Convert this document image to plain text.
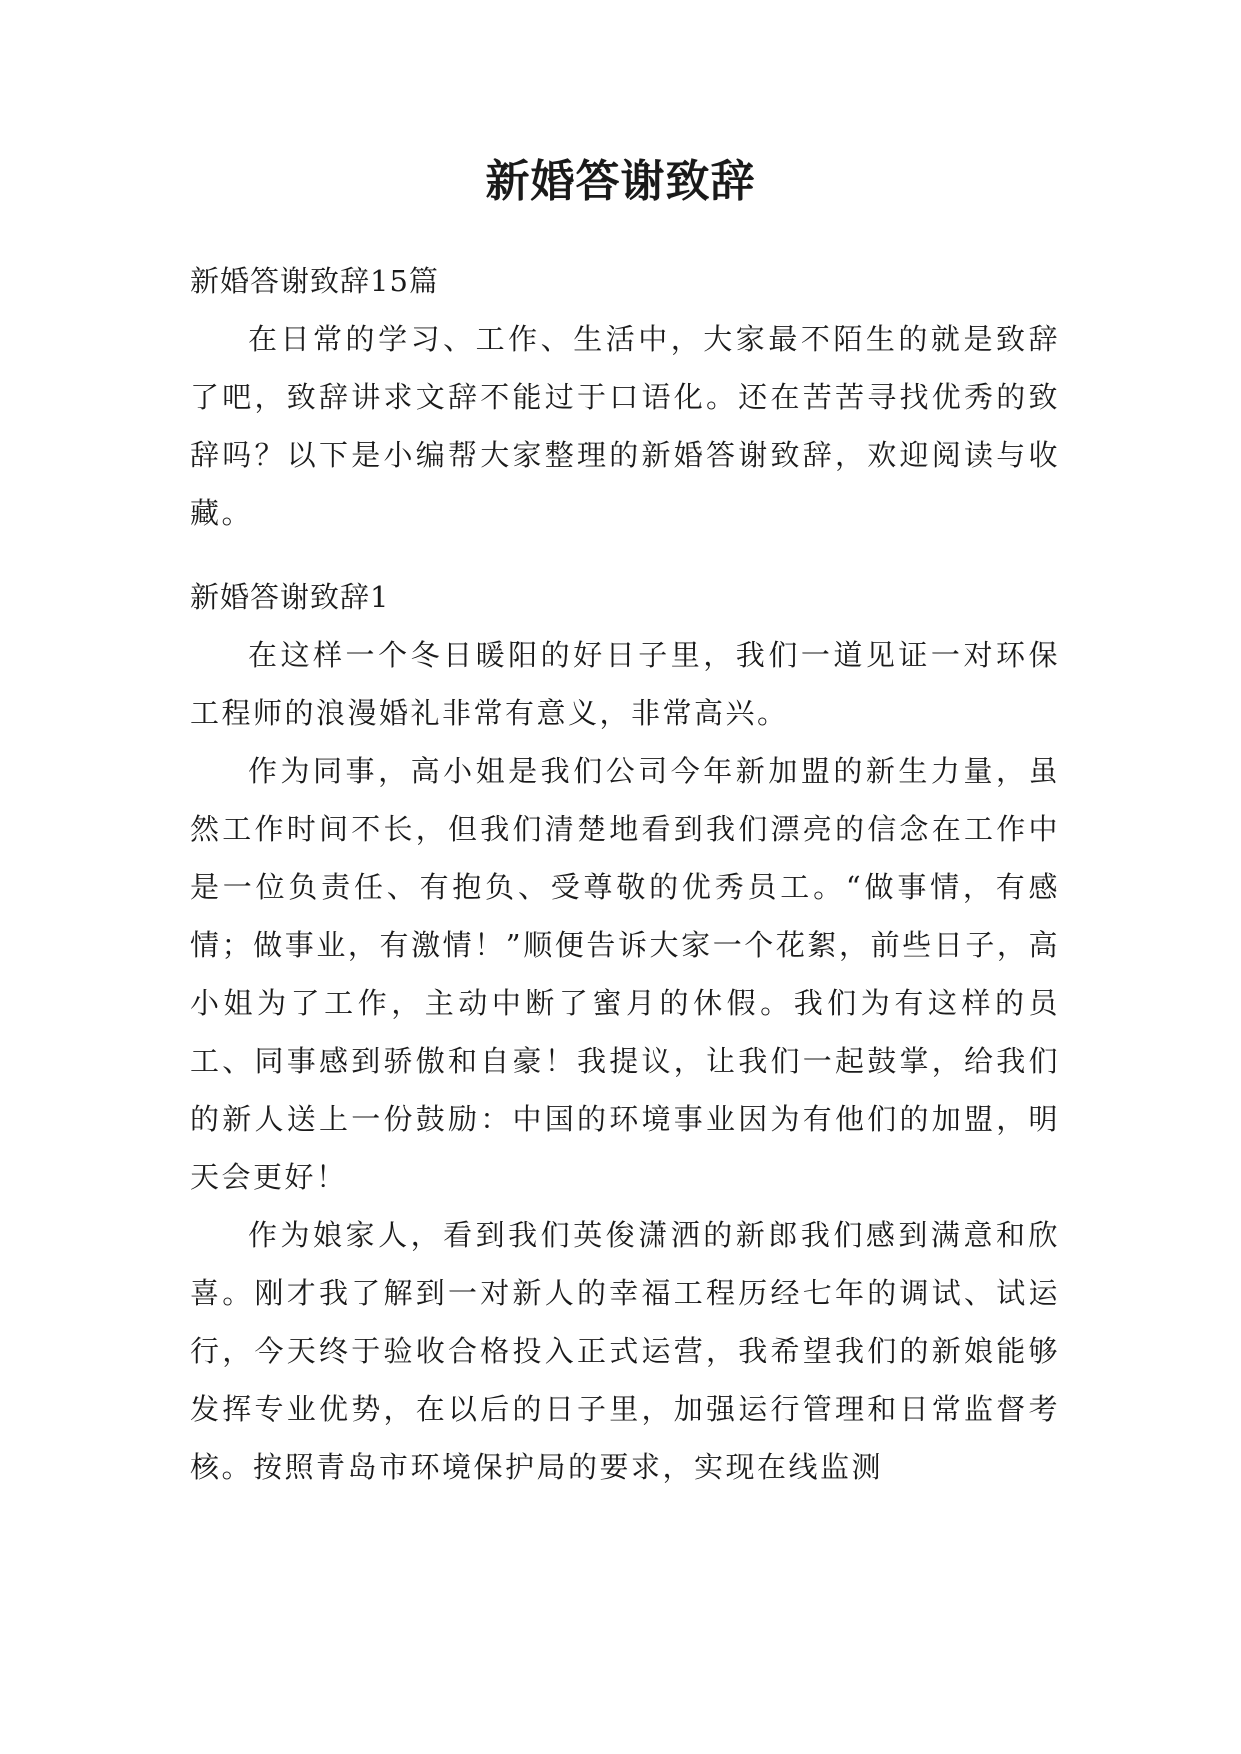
新婚答谢致辞

新婚答谢致辞15篇

在日常的学习、工作、生活中，大家最不陌生的就是致辞了吧，致辞讲求文辞不能过于口语化。还在苦苦寻找优秀的致辞吗？以下是小编帮大家整理的新婚答谢致辞，欢迎阅读与收藏。

新婚答谢致辞1

在这样一个冬日暖阳的好日子里，我们一道见证一对环保工程师的浪漫婚礼非常有意义，非常高兴。

作为同事，高小姐是我们公司今年新加盟的新生力量，虽然工作时间不长，但我们清楚地看到我们漂亮的信念在工作中是一位负责任、有抱负、受尊敬的优秀员工。“做事情，有感情；做事业，有激情！”顺便告诉大家一个花絮，前些日子，高小姐为了工作，主动中断了蜜月的休假。我们为有这样的员工、同事感到骄傲和自豪！我提议，让我们一起鼓掌，给我们的新人送上一份鼓励：中国的环境事业因为有他们的加盟，明天会更好！

作为娘家人，看到我们英俊潇洒的新郎我们感到满意和欣喜。刚才我了解到一对新人的幸福工程历经七年的调试、试运行，今天终于验收合格投入正式运营，我希望我们的新娘能够发挥专业优势，在以后的日子里，加强运行管理和日常监督考核。按照青岛市环境保护局的要求，实现在线监测
